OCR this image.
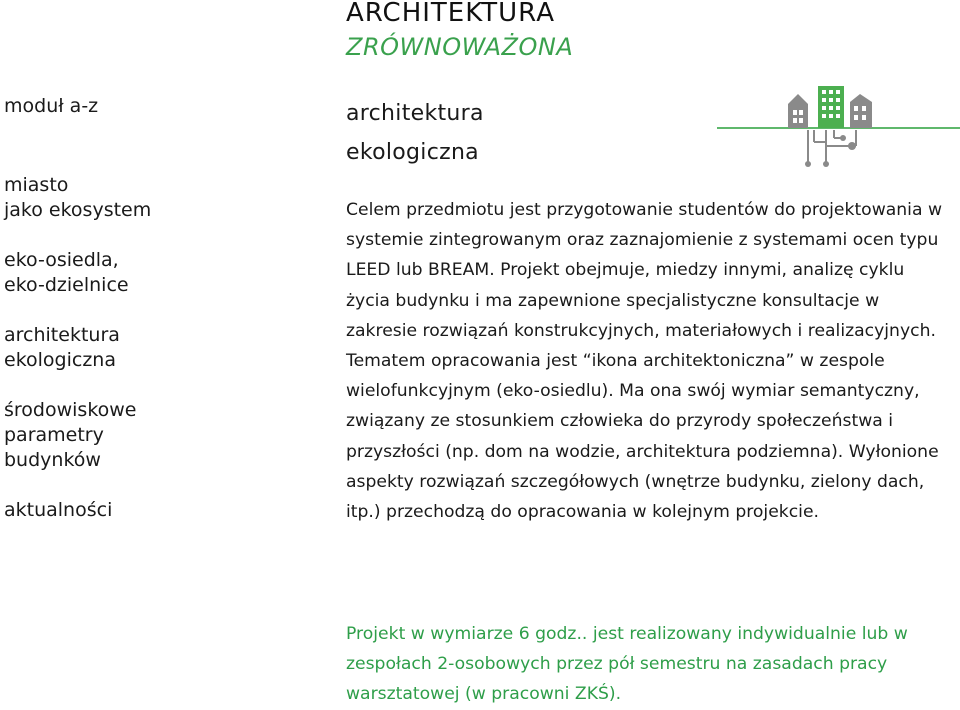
ARCHITEKTURA
ZRÓWNOWAŻONA
moduł a-z
miasto
jako ekosystem
eko-osiedla,
eko-dzielnice
architektura
ekologiczna
środowiskowe
parametry
budynków
aktualności
architektura
ekologiczna
Celem przedmiotu jest przygotowanie studentów do projektowania w systemie zintegrowanym oraz zaznajomienie z systemami ocen typu LEED lub BREAM. Projekt obejmuje, miedzy innymi, analizę cyklu życia budynku i ma zapewnione specjalistyczne konsultacje w zakresie rozwiązań konstrukcyjnych, materiałowych i realizacyjnych. Tematem opracowania jest “ikona architektoniczna” w zespole wielofunkcyjnym (eko-osiedlu). Ma ona swój wymiar semantyczny, związany ze stosunkiem człowieka do przyrody społeczeństwa i przyszłości (np. dom na wodzie, architektura podziemna). Wyłonione aspekty rozwiązań szczegółowych (wnętrze budynku, zielony dach, itp.) przechodzą do opracowania w kolejnym projekcie.
Projekt w wymiarze 6 godz.. jest realizowany indywidualnie lub w zespołach 2-osobowych przez pół semestru na zasadach pracy warsztatowej (w pracowni ZKŚ).
